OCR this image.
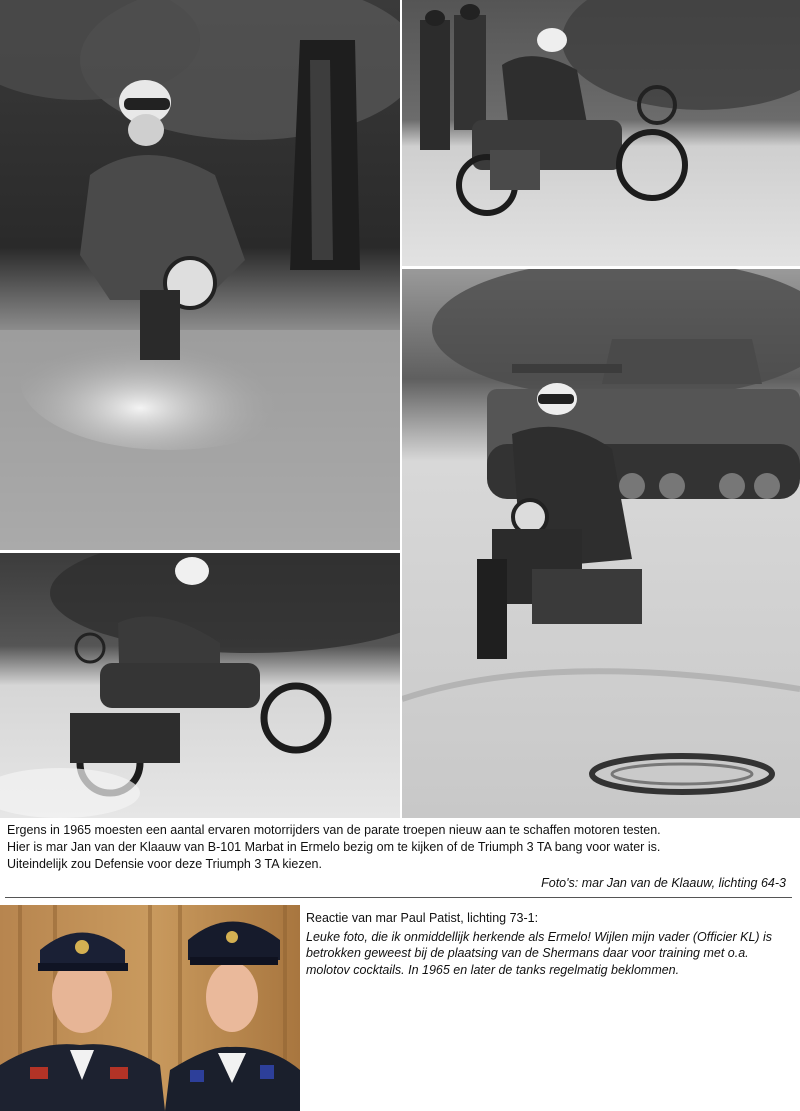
Ergens in 1965 moesten een aantal ervaren motorrijders van de parate troepen nieuw aan te schaffen motoren testen.
Hier is mar Jan van der Klaauw van B-101 Marbat in Ermelo bezig om te kijken of de Triumph 3 TA bang voor water is.
Uiteindelijk zou Defensie voor deze Triumph 3 TA kiezen.
Foto's: mar Jan van de Klaauw, lichting 64-3
Reactie van mar Paul Patist, lichting 73-1:
Leuke foto, die ik onmiddellijk herkende als Ermelo! Wijlen mijn vader (Officier KL) is betrokken geweest bij de plaatsing van de Shermans daar voor training met o.a. molotov cocktails. In 1965 en later de tanks regelmatig beklommen.
